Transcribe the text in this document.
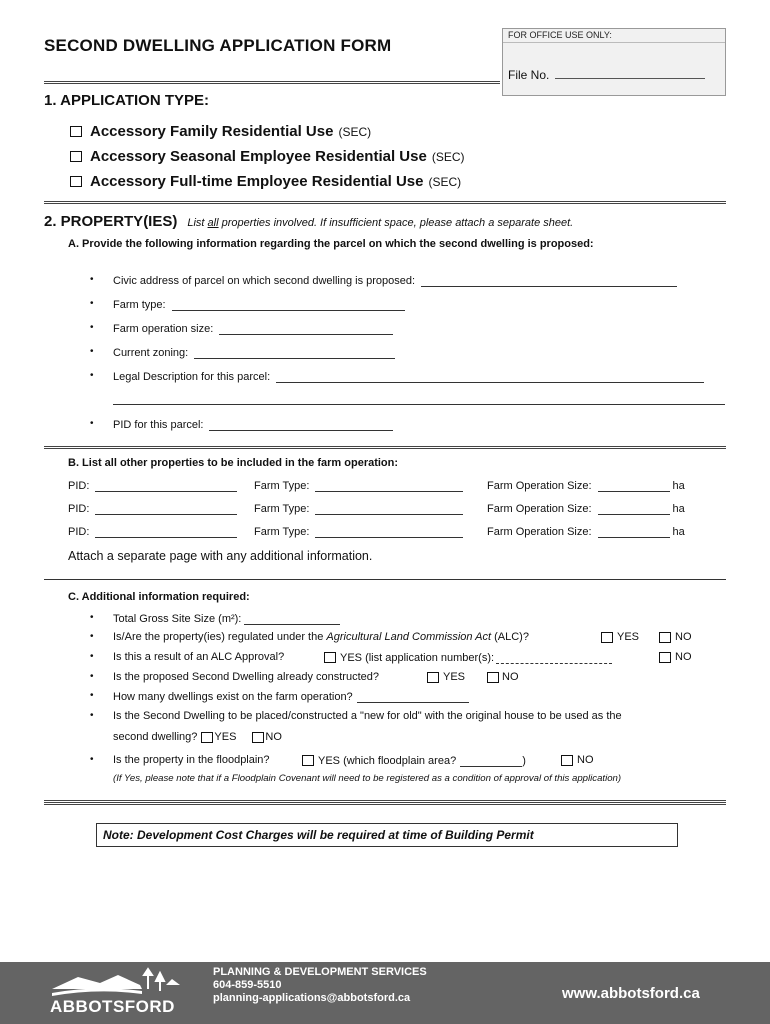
SECOND DWELLING APPLICATION FORM
FOR OFFICE USE ONLY:
File No.
1. APPLICATION TYPE:
Accessory Family Residential Use (SEC)
Accessory Seasonal Employee Residential Use (SEC)
Accessory Full-time Employee Residential Use (SEC)
2. PROPERTY(IES) List all properties involved. If insufficient space, please attach a separate sheet.
A. Provide the following information regarding the parcel on which the second dwelling is proposed:
• Civic address of parcel on which second dwelling is proposed:
• Farm type:
• Farm operation size:
• Current zoning:
• Legal Description for this parcel:
• PID for this parcel:
B. List all other properties to be included in the farm operation:
PID:	Farm Type:	Farm Operation Size:	ha
PID:	Farm Type:	Farm Operation Size:	ha
PID:	Farm Type:	Farm Operation Size:	ha
Attach a separate page with any additional information.
C. Additional information required:
• Total Gross Site Size (m²):
• Is/Are the property(ies) regulated under the Agricultural Land Commission Act (ALC)?	YES	NO
• Is this a result of an ALC Approval?	YES (list application number(s):	NO
• Is the proposed Second Dwelling already constructed?	YES	NO
• How many dwellings exist on the farm operation?
• Is the Second Dwelling to be placed/constructed a "new for old" with the original house to be used as the
second dwelling? YES	NO
• Is the property in the floodplain?	YES (which floodplain area?	)	NO
(If Yes, please note that if a Floodplain Covenant will need to be registered as a condition of approval of this application)
Note: Development Cost Charges will be required at time of Building Permit
ABBOTSFORD
PLANNING & DEVELOPMENT SERVICES
604-859-5510
planning-applications@abbotsford.ca	www.abbotsford.ca
